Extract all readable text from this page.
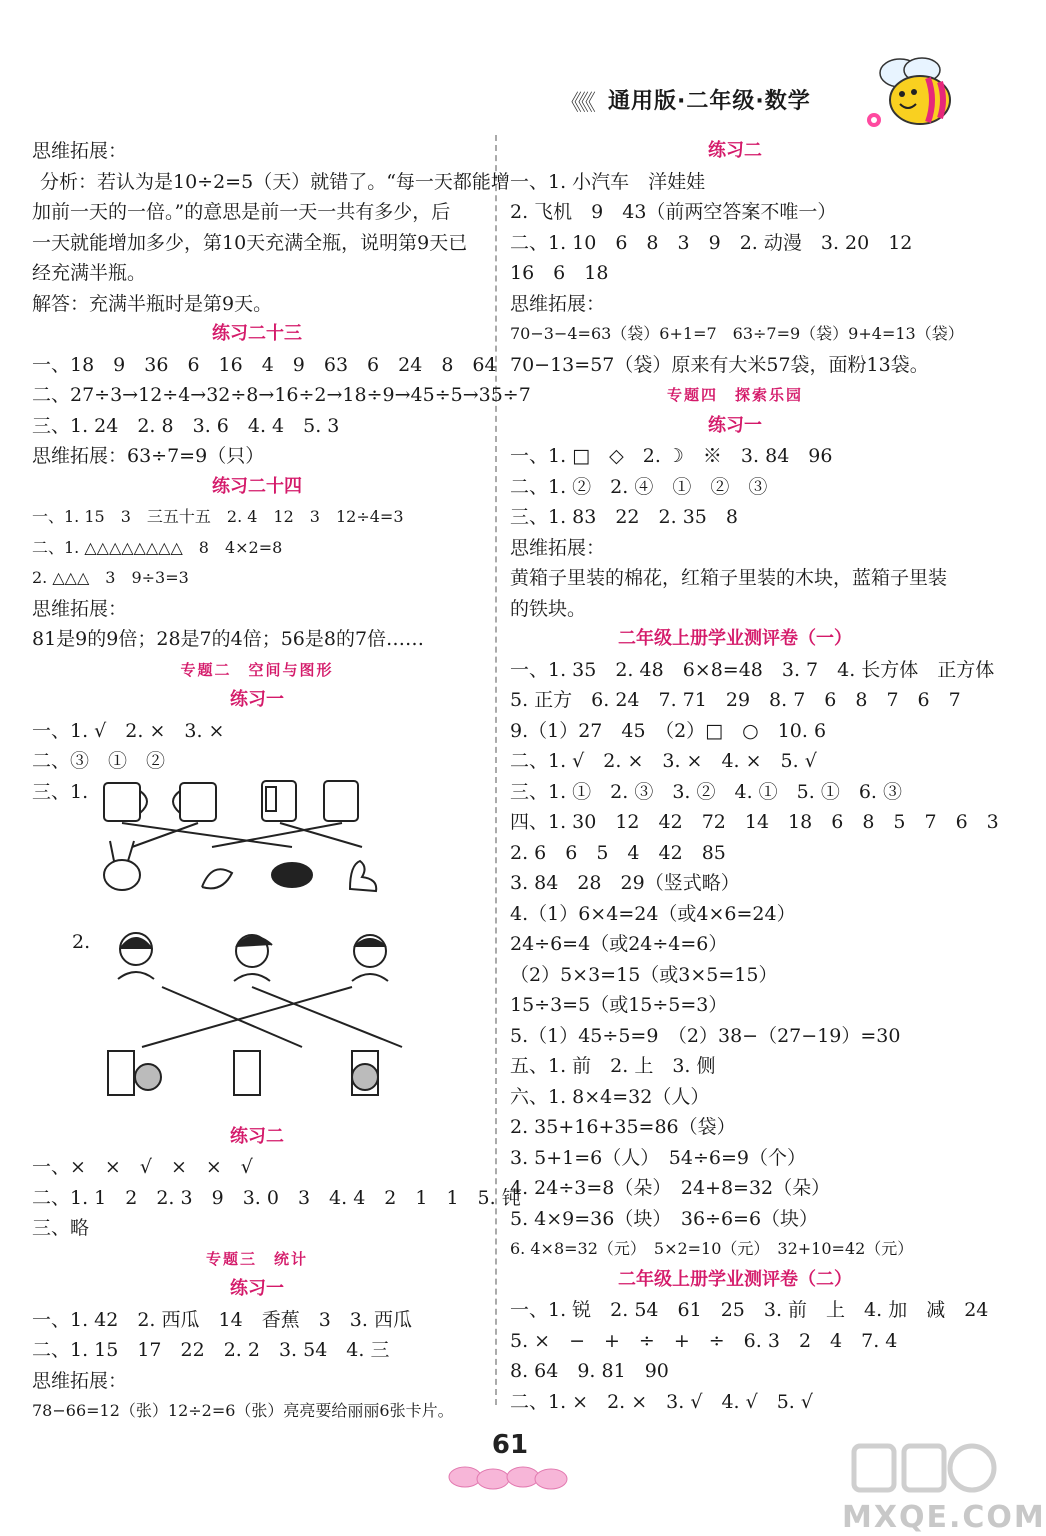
《《《 通用版·二年级·数学
思维拓展：
分析：若认为是10÷2=5（天）就错了。“每一天都能增
加前一天的一倍。”的意思是前一天一共有多少，后
一天就能增加多少，第10天充满全瓶，说明第9天已
经充满半瓶。
解答：充满半瓶时是第9天。
练习二十三
一、18　9　36　6　16　4　9　63　6　24　8　64
二、27÷3→12÷4→32÷8→16÷2→18÷9→45÷5→35÷7
三、1. 24　2. 8　3. 6　4. 4　5. 3
思维拓展：63÷7=9（只）
练习二十四
一、1. 15　3　三五十五　2. 4　12　3　12÷4=3
二、1. △△△△△△△△　8　4×2=8
2. △△△　3　9÷3=3
思维拓展：
81是9的9倍；28是7的4倍；56是8的7倍……
专题二　空间与图形
练习一
一、1. √　2. ×　3. ×
二、③　①　②
三、1.
2.
练习二
一、×　×　√　×　×　√
二、1. 1　2　2. 3　9　3. 0　3　4. 4　2　1　1　5. 钝
三、略
专题三　统计
练习一
一、1. 42　2. 西瓜　14　香蕉　3　3. 西瓜
二、1. 15　17　22　2. 2　3. 54　4. 三
思维拓展：
78−66=12（张）12÷2=6（张）亮亮要给丽丽6张卡片。
练习二
一、1. 小汽车　洋娃娃
2. 飞机　9　43（前两空答案不唯一）
二、1. 10　6　8　3　9　2. 动漫　3. 20　12
16　6　18
思维拓展：
70−3−4=63（袋）6+1=7　63÷7=9（袋）9+4=13（袋）
70−13=57（袋）原来有大米57袋，面粉13袋。
专题四　探索乐园
练习一
一、1. □　◇　2. ☽　※　3. 84　96
二、1. ②　2. ④　①　②　③
三、1. 83　22　2. 35　8
思维拓展：
黄箱子里装的棉花，红箱子里装的木块，蓝箱子里装
的铁块。
二年级上册学业测评卷（一）
一、1. 35　2. 48　6×8=48　3. 7　4. 长方体　正方体
5. 正方　6. 24　7. 71　29　8. 7　6　8　7　6　7
9.（1）27　45　（2）□　○　10. 6
二、1. √　2. ×　3. ×　4. ×　5. √
三、1. ①　2. ③　3. ②　4. ①　5. ①　6. ③
四、1. 30　12　42　72　14　18　6　8　5　7　6　3
2. 6　6　5　4　42　85
3. 84　28　29（竖式略）
4.（1）6×4=24（或4×6=24）
24÷6=4（或24÷4=6）
（2）5×3=15（或3×5=15）
15÷3=5（或15÷5=3）
5.（1）45÷5=9　（2）38−（27−19）=30
五、1. 前　2. 上　3. 侧
六、1. 8×4=32（人）
2. 35+16+35=86（袋）
3. 5+1=6（人）　54÷6=9（个）
4. 24÷3=8（朵）　24+8=32（朵）
5. 4×9=36（块）　36÷6=6（块）
6. 4×8=32（元）　5×2=10（元）　32+10=42（元）
二年级上册学业测评卷（二）
一、1. 锐　2. 54　61　25　3. 前　上　4. 加　减　24
5. ×　−　+　÷　+　÷　6. 3　2　4　7. 4
8. 64　9. 81　90
二、1. ×　2. ×　3. √　4. √　5. √
61
MXQE.COM
